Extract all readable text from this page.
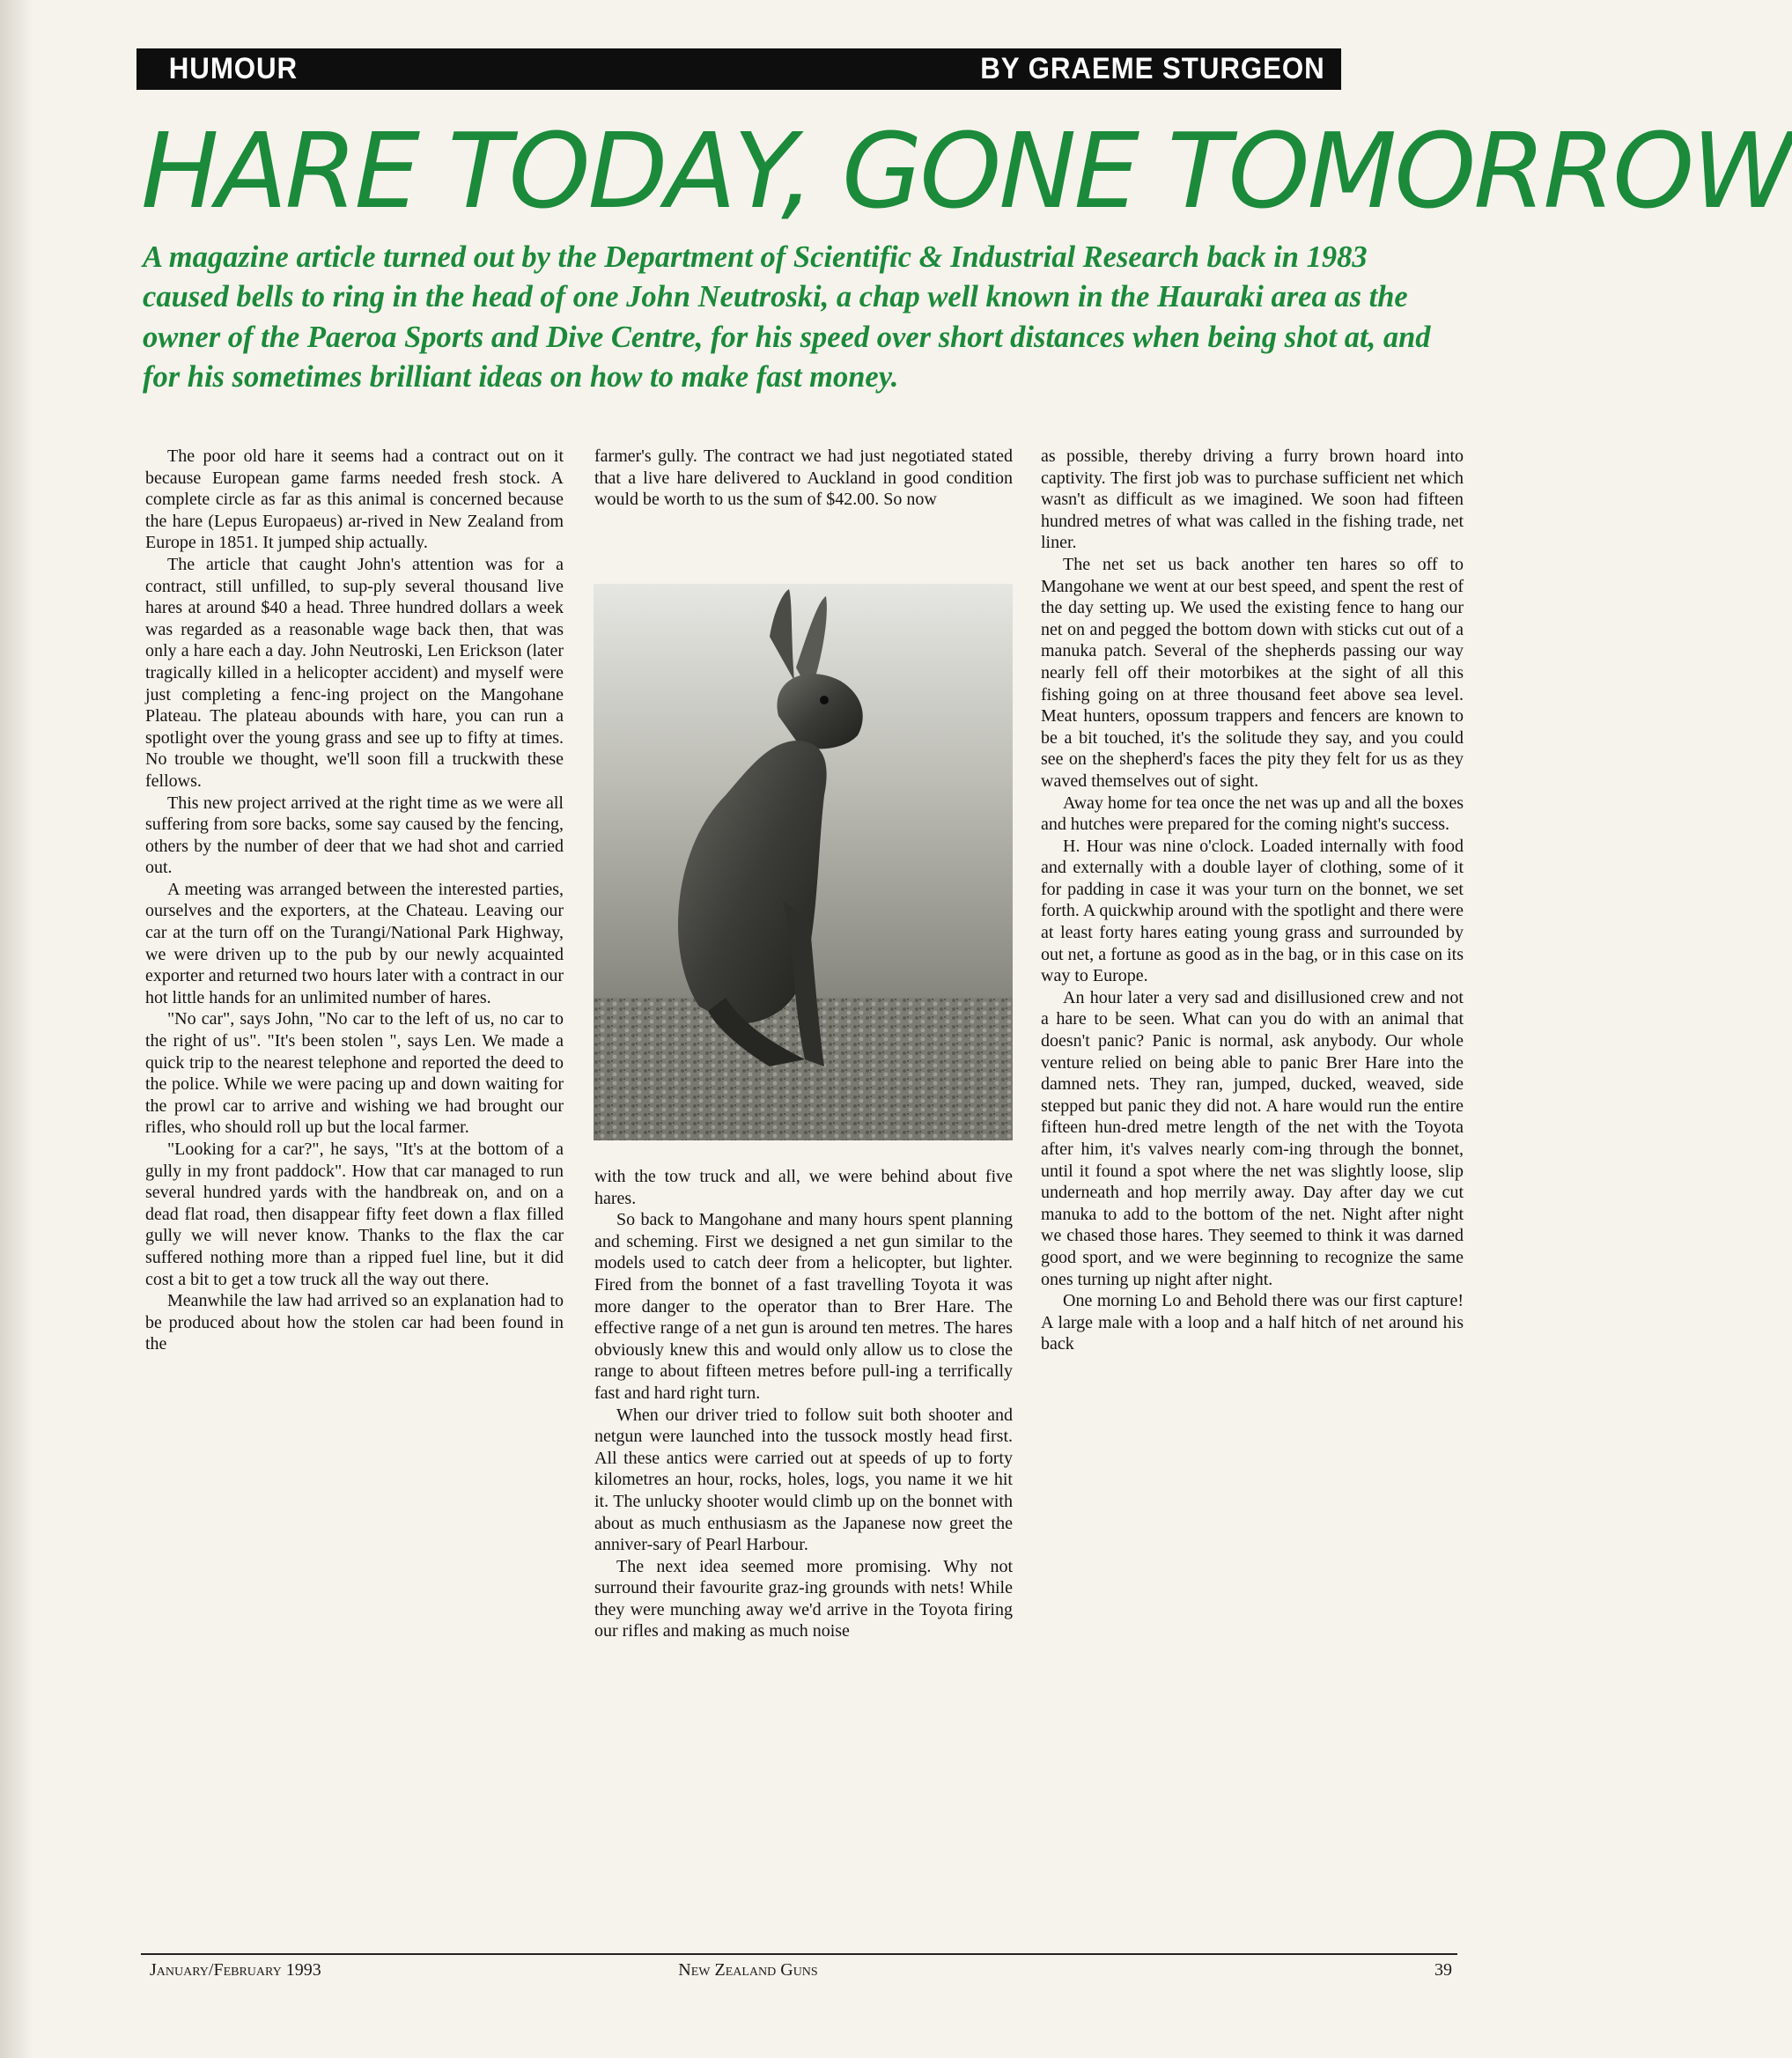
HUMOUR	BY GRAEME STURGEON
HARE TODAY, GONE TOMORROW

A magazine article turned out by the Department of Scientific & Industrial Research back in 1983 caused bells to ring in the head of one John Neutroski, a chap well known in the Hauraki area as the owner of the Paeroa Sports and Dive Centre, for his speed over short distances when being shot at, and for his sometimes brilliant ideas on how to make fast money.

The poor old hare it seems had a contract out on it because European game farms needed fresh stock. A complete circle as far as this animal is concerned because the hare (Lepus Europaeus) ar-rived in New Zealand from Europe in 1851. It jumped ship actually.

The article that caught John's attention was for a contract, still unfilled, to sup-ply several thousand live hares at around $40 a head. Three hundred dollars a week was regarded as a reasonable wage back then, that was only a hare each a day. John Neutroski, Len Erickson (later tragically killed in a helicopter accident) and myself were just completing a fenc-ing project on the Mangohane Plateau. The plateau abounds with hare, you can run a spotlight over the young grass and see up to fifty at times. No trouble we thought, we'll soon fill a truckwith these fellows.

This new project arrived at the right time as we were all suffering from sore backs, some say caused by the fencing, others by the number of deer that we had shot and carried out.

A meeting was arranged between the interested parties, ourselves and the exporters, at the Chateau. Leaving our car at the turn off on the Turangi/National Park Highway, we were driven up to the pub by our newly acquainted exporter and returned two hours later with a contract in our hot little hands for an unlimited number of hares.

"No car", says John, "No car to the left of us, no car to the right of us". "It's been stolen ", says Len. We made a quick trip to the nearest telephone and reported the deed to the police. While we were pacing up and down waiting for the prowl car to arrive and wishing we had brought our rifles, who should roll up but the local farmer.

"Looking for a car?", he says, "It's at the bottom of a gully in my front paddock". How that car managed to run several hundred yards with the handbreak on, and on a dead flat road, then disappear fifty feet down a flax filled gully we will never know. Thanks to the flax the car suffered nothing more than a ripped fuel line, but it did cost a bit to get a tow truck all the way out there.

Meanwhile the law had arrived so an explanation had to be produced about how the stolen car had been found in the

farmer's gully. The contract we had just negotiated stated that a live hare delivered to Auckland in good condition would be worth to us the sum of $42.00. So now

with the tow truck and all, we were behind about five hares.

So back to Mangohane and many hours spent planning and scheming. First we designed a net gun similar to the models used to catch deer from a helicopter, but lighter. Fired from the bonnet of a fast travelling Toyota it was more danger to the operator than to Brer Hare. The effective range of a net gun is around ten metres. The hares obviously knew this and would only allow us to close the range to about fifteen metres before pull-ing a terrifically fast and hard right turn.

When our driver tried to follow suit both shooter and netgun were launched into the tussock mostly head first. All these antics were carried out at speeds of up to forty kilometres an hour, rocks, holes, logs, you name it we hit it. The unlucky shooter would climb up on the bonnet with about as much enthusiasm as the Japanese now greet the anniver-sary of Pearl Harbour.

The next idea seemed more promising. Why not surround their favourite graz-ing grounds with nets! While they were munching away we'd arrive in the Toyota firing our rifles and making as much noise

as possible, thereby driving a furry brown hoard into captivity. The first job was to purchase sufficient net which wasn't as difficult as we imagined. We soon had fifteen hundred metres of what was called in the fishing trade, net liner.

The net set us back another ten hares so off to Mangohane we went at our best speed, and spent the rest of the day setting up. We used the existing fence to hang our net on and pegged the bottom down with sticks cut out of a manuka patch. Several of the shepherds passing our way nearly fell off their motorbikes at the sight of all this fishing going on at three thousand feet above sea level. Meat hunters, opossum trappers and fencers are known to be a bit touched, it's the solitude they say, and you could see on the shepherd's faces the pity they felt for us as they waved themselves out of sight.

Away home for tea once the net was up and all the boxes and hutches were prepared for the coming night's success.

H. Hour was nine o'clock. Loaded internally with food and externally with a double layer of clothing, some of it for padding in case it was your turn on the bonnet, we set forth. A quickwhip around with the spotlight and there were at least forty hares eating young grass and surrounded by out net, a fortune as good as in the bag, or in this case on its way to Europe.

An hour later a very sad and disillusioned crew and not a hare to be seen. What can you do with an animal that doesn't panic? Panic is normal, ask anybody. Our whole venture relied on being able to panic Brer Hare into the damned nets. They ran, jumped, ducked, weaved, side stepped but panic they did not. A hare would run the entire fifteen hun-dred metre length of the net with the Toyota after him, it's valves nearly com-ing through the bonnet, until it found a spot where the net was slightly loose, slip underneath and hop merrily away. Day after day we cut manuka to add to the bottom of the net. Night after night we chased those hares. They seemed to think it was darned good sport, and we were beginning to recognize the same ones turning up night after night.

One morning Lo and Behold there was our first capture! A large male with a loop and a half hitch of net around his back

January/February 1993	New Zealand Guns	39
